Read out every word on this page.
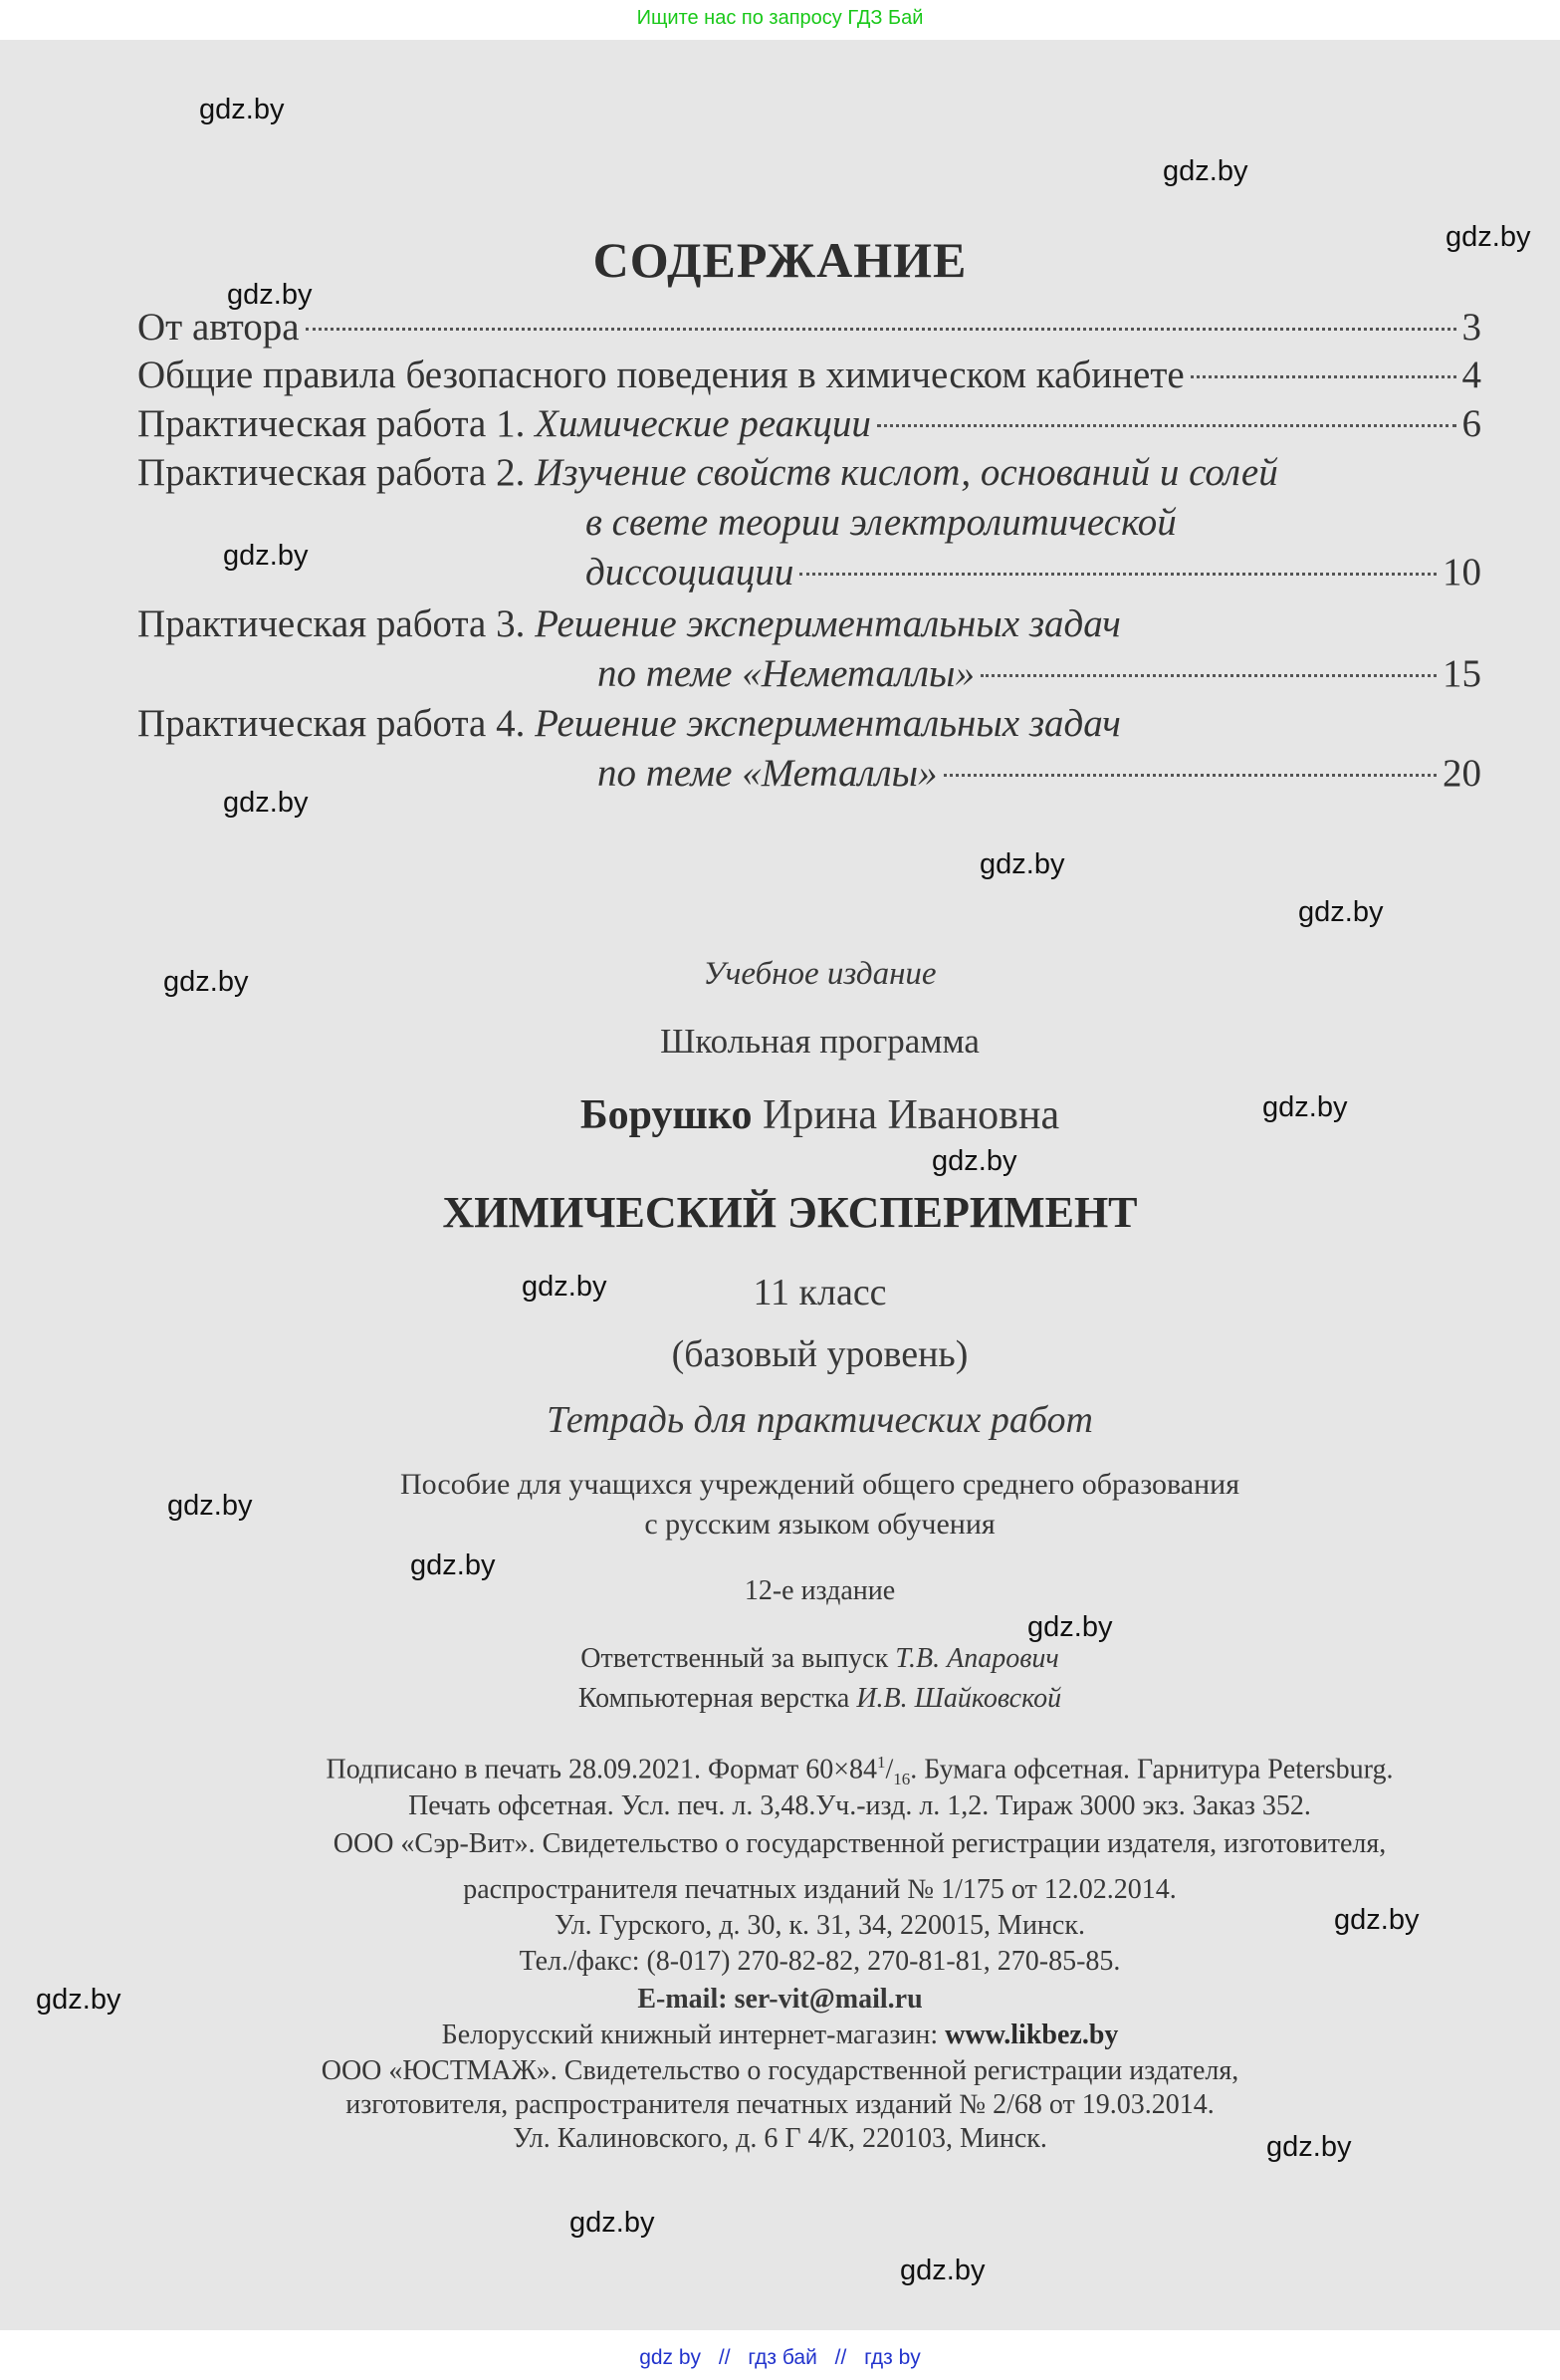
Ищите нас по запросу ГДЗ Бай
СОДЕРЖАНИЕ
От автора	3
Общие правила безопасного поведения в химическом кабинете	4
Практическая работа 1.
Химические реакции	6
Практическая работа 2.
Изучение свойств кислот, оснований и солей
в свете теории электролитической
диссоциации	10
Практическая работа 3.
Решение экспериментальных задач
по теме «Неметаллы»	15
Практическая работа 4.
Решение экспериментальных задач
по теме «Металлы»	20
Учебное издание
Школьная программа
Борушко Ирина Ивановна
ХИМИЧЕСКИЙ ЭКСПЕРИМЕНТ
11 класс
(базовый уровень)
Тетрадь для практических работ
Пособие для учащихся учреждений общего среднего образования
с русским языком обучения
12-е издание
Ответственный за выпуск Т.В. Апарович
Компьютерная верстка И.В. Шайковской
Подписано в печать 28.09.2021. Формат $60\times 84^1/_{16}$. Бумага офсетная. Гарнитура Petersburg.
Печать офсетная. Усл. печ. л. 3,48.Уч.-изд. л. 1,2. Тираж 3000 экз. Заказ 352.
ООО «Сэр-Вит». Свидетельство о государственной регистрации издателя, изготовителя,
распространителя печатных изданий № 1/175 от 12.02.2014.
Ул. Гурского, д. 30, к. 31, 34, 220015, Минск.
Тел./факс: (8-017) 270-82-82, 270-81-81, 270-85-85.
E-mail: ser-vit@mail.ru
Белорусский книжный интернет-магазин: www.likbez.by
ООО «ЮСТМАЖ». Свидетельство о государственной регистрации издателя,
изготовителя, распространителя печатных изданий № 2/68 от 19.03.2014.
Ул. Калиновского, д. 6 Г 4/К, 220103, Минск.
gdz.by
gdz.by
gdz.by
gdz.by
gdz.by
gdz.by
gdz.by
gdz.by
gdz.by
gdz.by
gdz.by
gdz.by
gdz.by
gdz.by
gdz.by
gdz.by
gdz.by
gdz.by
gdz.by
gdz.by
gdz by // гдз бай // гдз by
